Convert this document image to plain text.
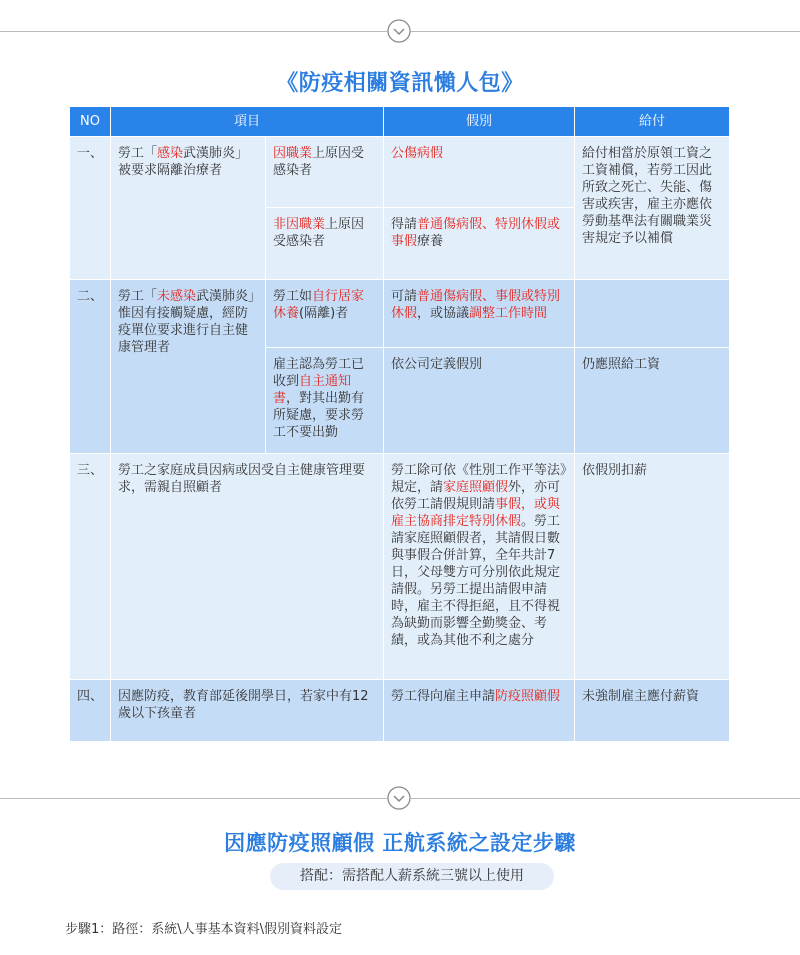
《防疫相關資訊懶人包》
NO	項目		假別	給付
一、	勞工「感染武漢肺炎」被要求隔離治療者	因職業上原因受感染者	公傷病假	給付相當於原領工資之工資補償，若勞工因此所致之死亡、失能、傷害或疾害，雇主亦應依勞動基準法有關職業災害規定予以補償
		非因職業上原因受感染者	得請普通傷病假、特別休假或事假療養	
二、	勞工「未感染武漢肺炎」惟因有接觸疑慮，經防疫單位要求進行自主健康管理者	勞工如自行居家休養(隔離)者	可請普通傷病假、事假或特別休假，或協議調整工作時間	
		雇主認為勞工已收到自主通知書，對其出勤有所疑慮，要求勞工不要出勤	依公司定義假別	仍應照給工資
三、	勞工之家庭成員因病或因受自主健康管理要求，需親自照顧者		勞工除可依《性別工作平等法》規定，請家庭照顧假外，亦可依勞工請假規則請事假，或與雇主協商排定特別休假。勞工請家庭照顧假者，其請假日數與事假合併計算，全年共計7日，父母雙方可分別依此規定請假。另勞工提出請假申請時，雇主不得拒絕，且不得視為缺勤而影響全勤獎金、考績，或為其他不利之處分	依假別扣薪
四、	因應防疫，教育部延後開學日，若家中有12歲以下孩童者		勞工得向雇主申請防疫照顧假	未強制雇主應付薪資
因應防疫照顧假 正航系統之設定步驟
搭配：需搭配人薪系統三號以上使用
步驟1：路徑：系統\人事基本資料\假別資料設定
